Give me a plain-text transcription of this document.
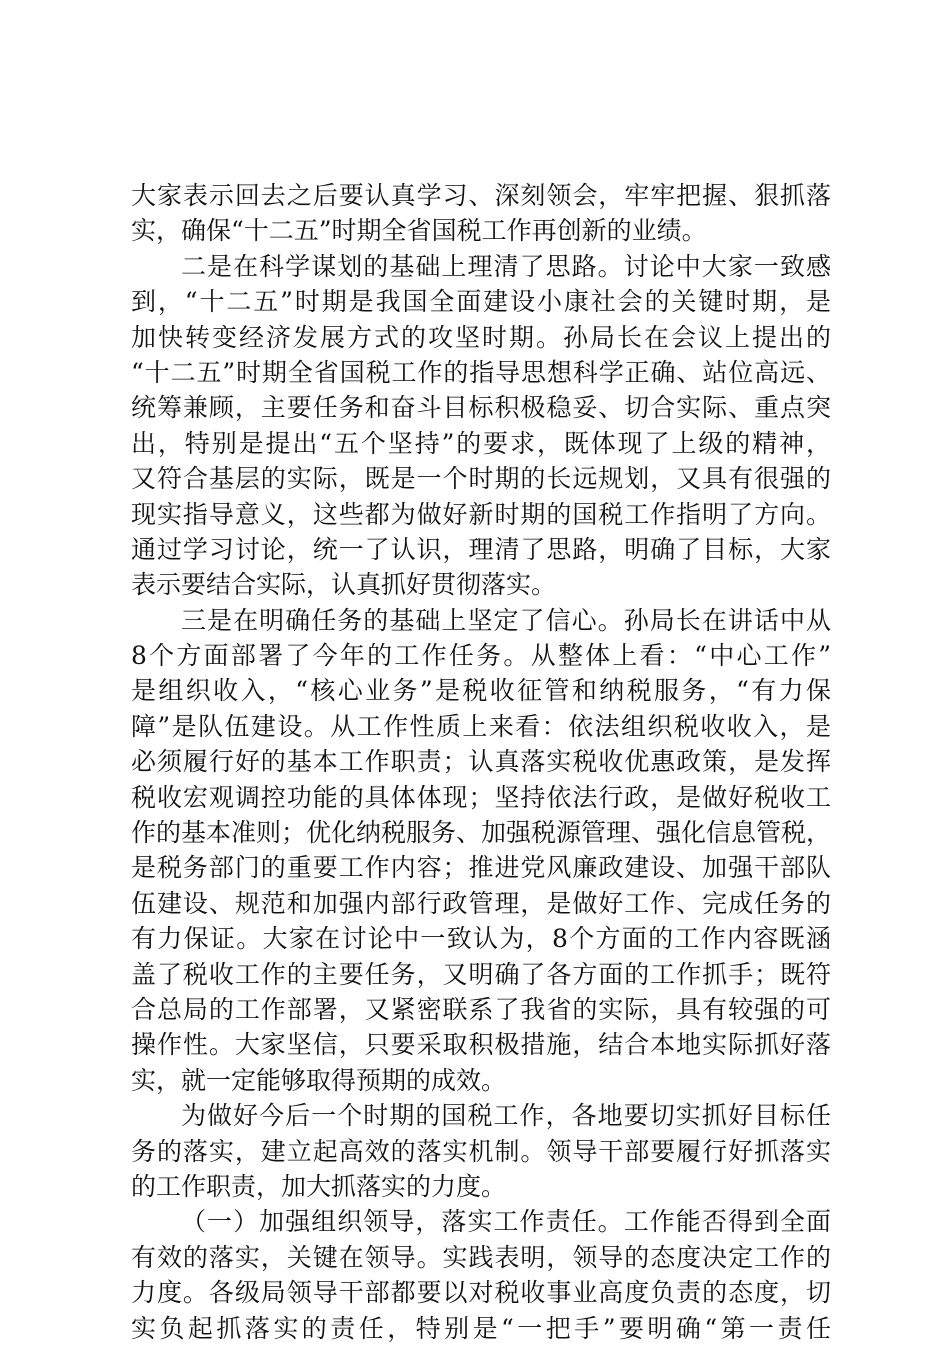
大家表示回去之后要认真学习、深刻领会，牢牢把握、狠抓落
实，确保“十二五”时期全省国税工作再创新的业绩。
二是在科学谋划的基础上理清了思路。讨论中大家一致感
到，“十二五”时期是我国全面建设小康社会的关键时期，是
加快转变经济发展方式的攻坚时期。孙局长在会议上提出的
“十二五”时期全省国税工作的指导思想科学正确、站位高远、
统筹兼顾，主要任务和奋斗目标积极稳妥、切合实际、重点突
出，特别是提出“五个坚持”的要求，既体现了上级的精神，
又符合基层的实际，既是一个时期的长远规划，又具有很强的
现实指导意义，这些都为做好新时期的国税工作指明了方向。
通过学习讨论，统一了认识，理清了思路，明确了目标，大家
表示要结合实际，认真抓好贯彻落实。
三是在明确任务的基础上坚定了信心。孙局长在讲话中从
8个方面部署了今年的工作任务。从整体上看：“中心工作”
是组织收入，“核心业务”是税收征管和纳税服务，“有力保
障”是队伍建设。从工作性质上来看：依法组织税收收入，是
必须履行好的基本工作职责；认真落实税收优惠政策，是发挥
税收宏观调控功能的具体体现；坚持依法行政，是做好税收工
作的基本准则；优化纳税服务、加强税源管理、强化信息管税，
是税务部门的重要工作内容；推进党风廉政建设、加强干部队
伍建设、规范和加强内部行政管理，是做好工作、完成任务的
有力保证。大家在讨论中一致认为，8个方面的工作内容既涵
盖了税收工作的主要任务，又明确了各方面的工作抓手；既符
合总局的工作部署，又紧密联系了我省的实际，具有较强的可
操作性。大家坚信，只要采取积极措施，结合本地实际抓好落
实，就一定能够取得预期的成效。
为做好今后一个时期的国税工作，各地要切实抓好目标任
务的落实，建立起高效的落实机制。领导干部要履行好抓落实
的工作职责，加大抓落实的力度。
（一）加强组织领导，落实工作责任。工作能否得到全面
有效的落实，关键在领导。实践表明，领导的态度决定工作的
力度。各级局领导干部都要以对税收事业高度负责的态度，切
实负起抓落实的责任，特别是“一把手”要明确“第一责任
